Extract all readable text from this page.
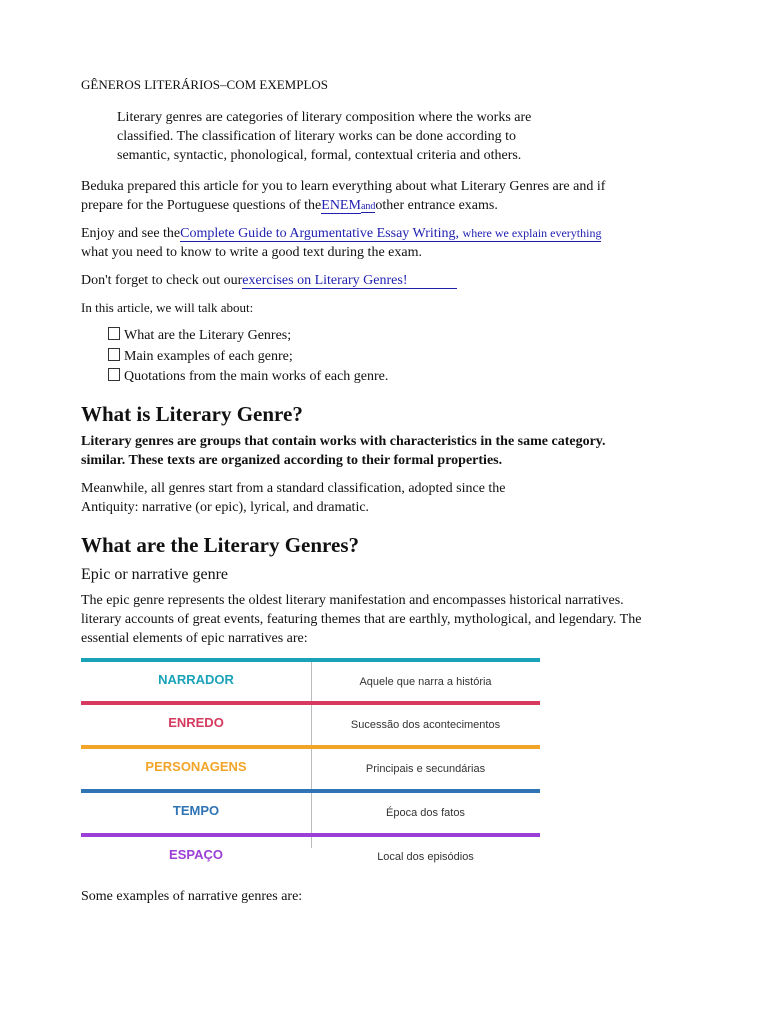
GÊNEROS LITERÁRIOS–COM EXEMPLOS
Literary genres are categories of literary composition where the works are
classified. The classification of literary works can be done according to
semantic, syntactic, phonological, formal, contextual criteria and others.
Beduka prepared this article for you to learn everything about what Literary Genres are and if
prepare for the Portuguese questions of theENEMandother entrance exams.
Enjoy and see theComplete Guide to Argumentative Essay Writing, where we explain everything
what you need to know to write a good text during the exam.
Don't forget to check out ourexercises on Literary Genres!
In this article, we will talk about:
What are the Literary Genres;
Main examples of each genre;
Quotations from the main works of each genre.
What is Literary Genre?
Literary genres are groups that contain works with characteristics in the same category.
similar. These texts are organized according to their formal properties.
Meanwhile, all genres start from a standard classification, adopted since the
Antiquity: narrative (or epic), lyrical, and dramatic.
What are the Literary Genres?
Epic or narrative genre
The epic genre represents the oldest literary manifestation and encompasses historical narratives.
literary accounts of great events, featuring themes that are earthly, mythological, and legendary. The
essential elements of epic narratives are:
NARRADOR	Aquele que narra a história
ENREDO	Sucessão dos acontecimentos
PERSONAGENS	Principais e secundárias
TEMPO	Época dos fatos
ESPAÇO	Local dos episódios
Some examples of narrative genres are:
